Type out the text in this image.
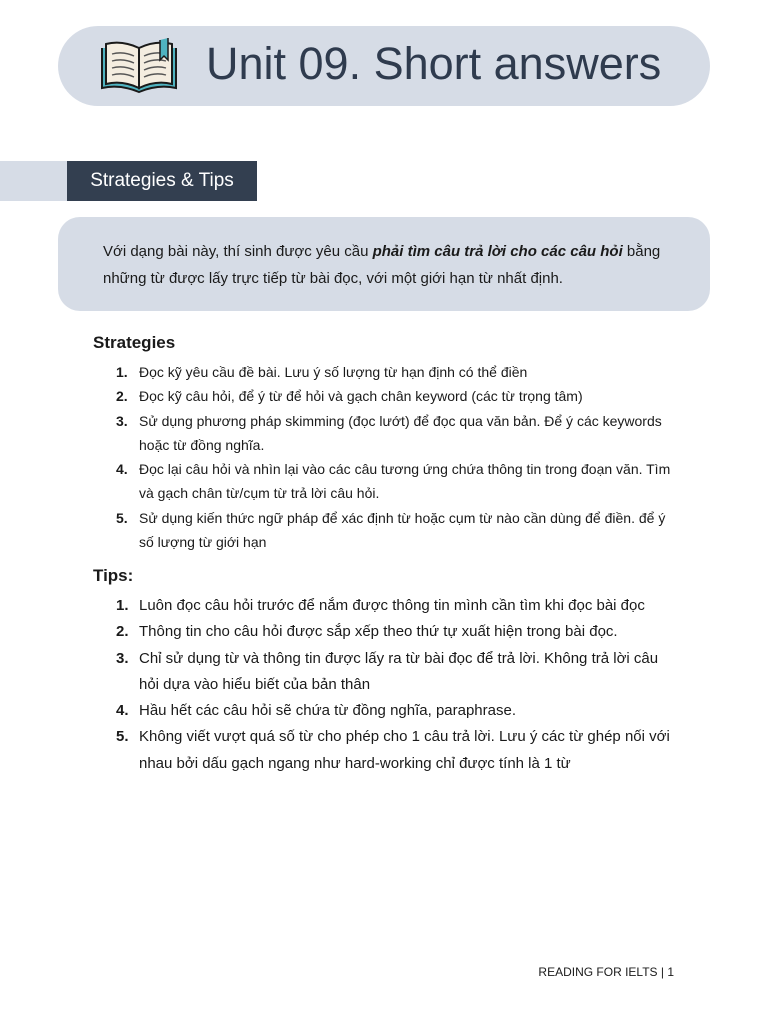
Unit 09. Short answers
Strategies & Tips

Với dạng bài này, thí sinh được yêu cầu phải tìm câu trả lời cho các câu hỏi bằng những từ được lấy trực tiếp từ bài đọc, với một giới hạn từ nhất định.

Strategies
1. Đọc kỹ yêu cầu đề bài. Lưu ý số lượng từ hạn định có thể điền
2. Đọc kỹ câu hỏi, để ý từ để hỏi và gạch chân keyword (các từ trọng tâm)
3. Sử dụng phương pháp skimming (đọc lướt) để đọc qua văn bản. Để ý các keywords hoặc từ đồng nghĩa.
4. Đọc lại câu hỏi và nhìn lại vào các câu tương ứng chứa thông tin trong đoạn văn. Tìm và gạch chân từ/cụm từ trả lời câu hỏi.
5. Sử dụng kiến thức ngữ pháp để xác định từ hoặc cụm từ nào cần dùng để điền. để ý số lượng từ giới hạn
Tips:
1. Luôn đọc câu hỏi trước để nắm được thông tin mình cần tìm khi đọc bài đọc
2. Thông tin cho câu hỏi được sắp xếp theo thứ tự xuất hiện trong bài đọc.
3. Chỉ sử dụng từ và thông tin được lấy ra từ bài đọc để trả lời. Không trả lời câu hỏi dựa vào hiểu biết của bản thân
4. Hầu hết các câu hỏi sẽ chứa từ đồng nghĩa, paraphrase.
5. Không viết vượt quá số từ cho phép cho 1 câu trả lời. Lưu ý các từ ghép nối với nhau bởi dấu gạch ngang như hard-working chỉ được tính là 1 từ
READING FOR IELTS | 1
